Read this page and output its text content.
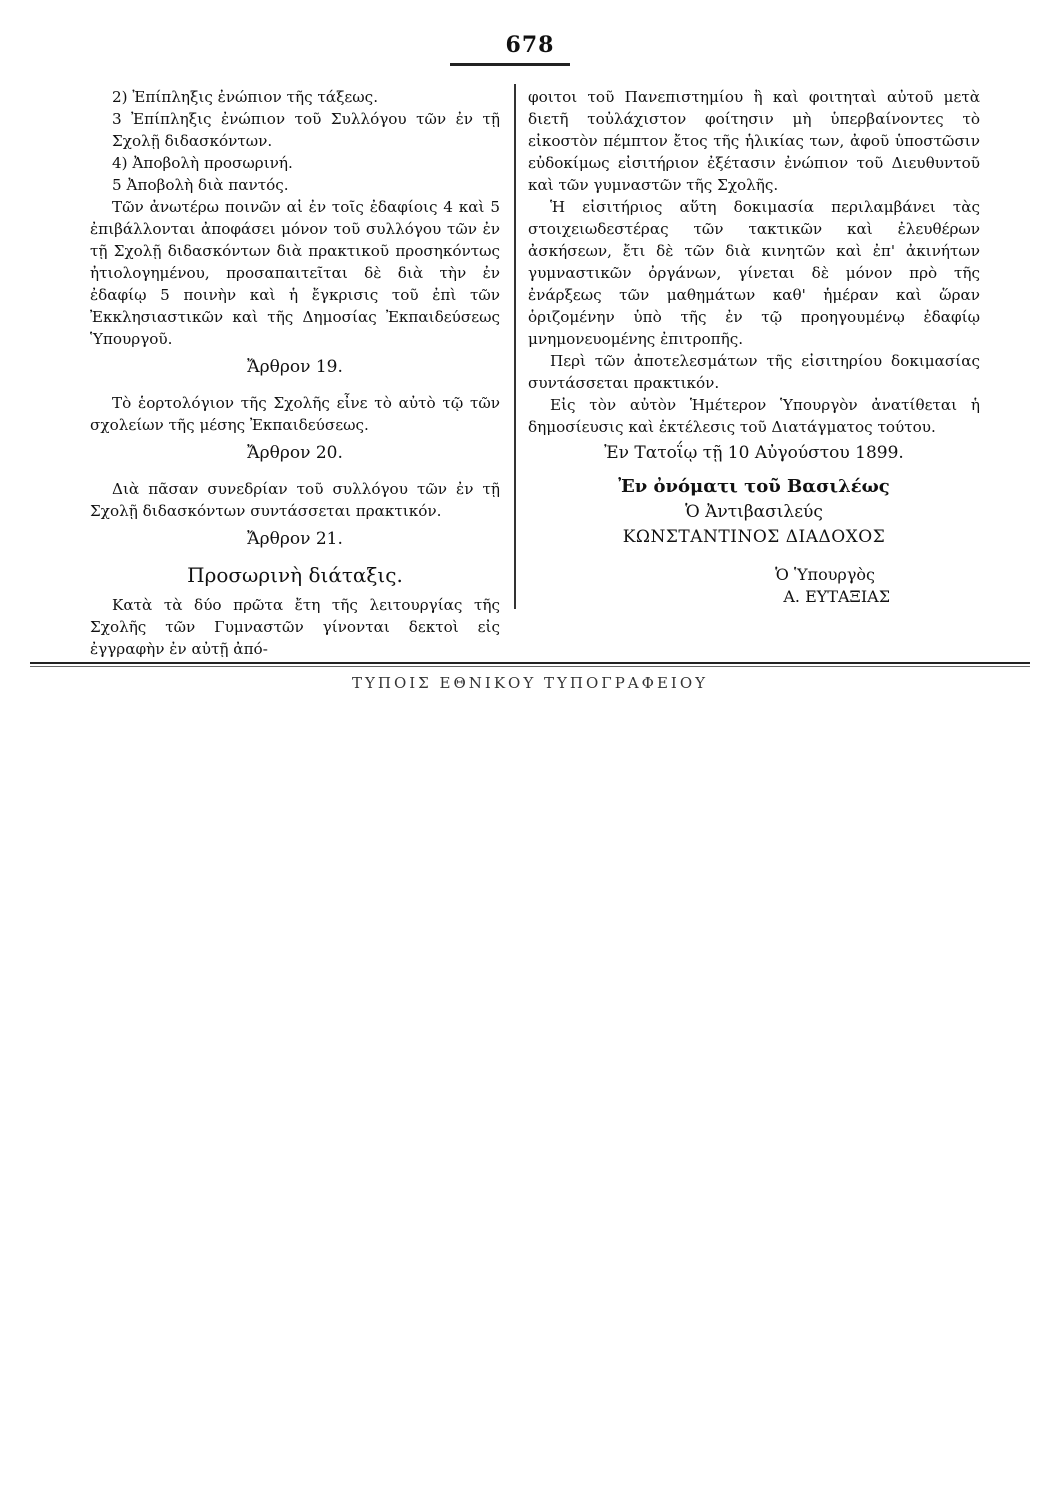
678

2) Ἐπίπληξις ἐνώπιον τῆς τάξεως.

3 Ἐπίπληξις ἐνώπιον τοῦ Συλλόγου τῶν ἐν τῇ Σχολῇ διδασκόντων.

4) Ἀποβολὴ προσωρινή.

5 Ἀποβολὴ διὰ παντός.

Τῶν ἀνωτέρω ποινῶν αἱ ἐν τοῖς ἐδαφίοις 4 καὶ 5 ἐπιβάλλονται ἀποφάσει μόνον τοῦ συλλόγου τῶν ἐν τῇ Σχολῇ διδασκόντων διὰ πρακτικοῦ προσηκόντως ἠτιολογημένου, προσαπαιτεῖται δὲ διὰ τὴν ἐν ἐδαφίῳ 5 ποινὴν καὶ ἡ ἔγκρισις τοῦ ἐπὶ τῶν Ἐκκλησιαστικῶν καὶ τῆς Δημοσίας Ἐκπαιδεύσεως Ὑπουργοῦ.

Ἄρθρον 19.

Τὸ ἑορτολόγιον τῆς Σχολῆς εἶνε τὸ αὐτὸ τῷ τῶν σχολείων τῆς μέσης Ἐκπαιδεύσεως.

Ἄρθρον 20.

Διὰ πᾶσαν συνεδρίαν τοῦ συλλόγου τῶν ἐν τῇ Σχολῇ διδασκόντων συντάσσεται πρακτικόν.

Ἄρθρον 21.
Προσωρινὴ διάταξις.

Κατὰ τὰ δύο πρῶτα ἔτη τῆς λειτουργίας τῆς Σχολῆς τῶν Γυμναστῶν γίνονται δεκτοὶ εἰς ἐγγραφὴν ἐν αὐτῇ ἀπό-

φοιτοι τοῦ Πανεπιστημίου ἢ καὶ φοιτηταὶ αὐτοῦ μετὰ διετῆ τοὐλάχιστον φοίτησιν μὴ ὑπερβαίνοντες τὸ εἰκοστὸν πέμπτον ἔτος τῆς ἡλικίας των, ἀφοῦ ὑποστῶσιν εὐδοκίμως εἰσιτήριον ἐξέτασιν ἐνώπιον τοῦ Διευθυντοῦ καὶ τῶν γυμναστῶν τῆς Σχολῆς.

Ἡ εἰσιτήριος αὕτη δοκιμασία περιλαμβάνει τὰς στοιχειωδεστέρας τῶν τακτικῶν καὶ ἐλευθέρων ἀσκήσεων, ἔτι δὲ τῶν διὰ κινητῶν καὶ ἐπ' ἀκινήτων γυμναστικῶν ὀργάνων, γίνεται δὲ μόνον πρὸ τῆς ἐνάρξεως τῶν μαθημάτων καθ' ἡμέραν καὶ ὥραν ὁριζομένην ὑπὸ τῆς ἐν τῷ προηγουμένῳ ἐδαφίῳ μνημονευομένης ἐπιτροπῆς.

Περὶ τῶν ἀποτελεσμάτων τῆς εἰσιτηρίου δοκιμασίας συντάσσεται πρακτικόν.

Εἰς τὸν αὐτὸν Ἡμέτερον Ὑπουργὸν ἀνατίθεται ἡ δημοσίευσις καὶ ἐκτέλεσις τοῦ Διατάγματος τούτου.

Ἐν Τατοΐῳ τῇ 10 Αὐγούστου 1899.
Ἐν ὀνόματι τοῦ Βασιλέως
Ὁ Ἀντιβασιλεύς
ΚΩΝΣΤΑΝΤΙΝΟΣ ΔΙΑΔΟΧΟΣ
Ὁ Ὑπουργὸς
Α. ΕΥΤΑΞΙΑΣ
ΤΥΠΟΙΣ ΕΘΝΙΚΟΥ ΤΥΠΟΓΡΑΦΕΙΟΥ
